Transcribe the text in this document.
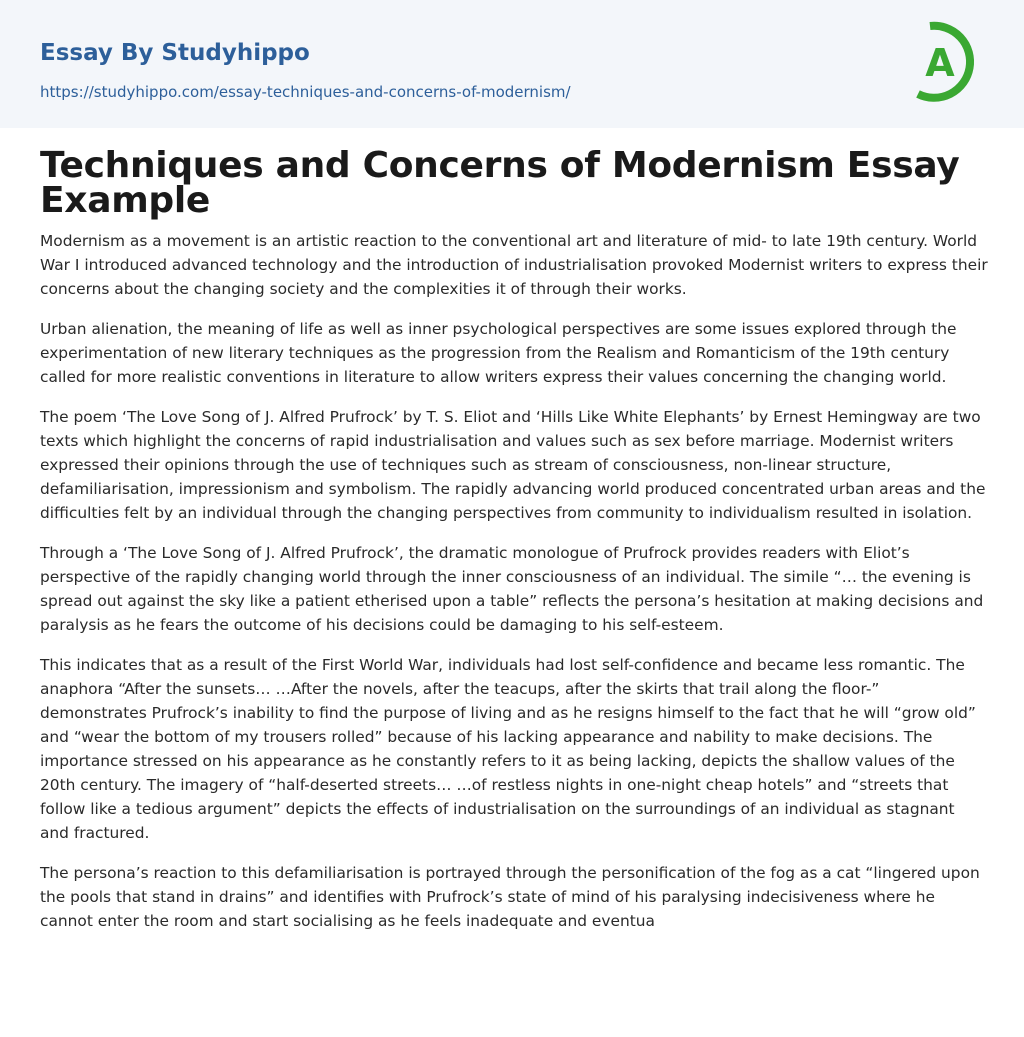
Essay By Studyhippo
https://studyhippo.com/essay-techniques-and-concerns-of-modernism/
A
Techniques and Concerns of Modernism Essay Example

Modernism as a movement is an artistic reaction to the conventional art and literature of mid- to late 19th century. World War I introduced advanced technology and the introduction of industrialisation provoked Modernist writers to express their concerns about the changing society and the complexities it of through their works.

Urban alienation, the meaning of life as well as inner psychological perspectives are some issues explored through the experimentation of new literary techniques as the progression from the Realism and Romanticism of the 19th century called for more realistic conventions in literature to allow writers express their values concerning the changing world.

The poem ‘The Love Song of J. Alfred Prufrock’ by T. S. Eliot and ‘Hills Like White Elephants’ by Ernest Hemingway are two texts which highlight the concerns of rapid industrialisation and values such as sex before marriage. Modernist writers expressed their opinions through the use of techniques such as stream of consciousness, non-linear structure, defamiliarisation, impressionism and symbolism. The rapidly advancing world produced concentrated urban areas and the difficulties felt by an individual through the changing perspectives from community to individualism resulted in isolation.

Through a ‘The Love Song of J. Alfred Prufrock’, the dramatic monologue of Prufrock provides readers with Eliot’s perspective of the rapidly changing world through the inner consciousness of an individual. The simile “… the evening is spread out against the sky like a patient etherised upon a table” reflects the persona’s hesitation at making decisions and paralysis as he fears the outcome of his decisions could be damaging to his self-esteem.

This indicates that as a result of the First World War, individuals had lost self-confidence and became less romantic. The anaphora “After the sunsets… …After the novels, after the teacups, after the skirts that trail along the floor-” demonstrates Prufrock’s inability to find the purpose of living and as he resigns himself to the fact that he will “grow old” and “wear the bottom of my trousers rolled” because of his lacking appearance and nability to make decisions. The importance stressed on his appearance as he constantly refers to it as being lacking, depicts the shallow values of the 20th century. The imagery of “half-deserted streets… …of restless nights in one-night cheap hotels” and “streets that follow like a tedious argument” depicts the effects of industrialisation on the surroundings of an individual as stagnant and fractured.

The persona’s reaction to this defamiliarisation is portrayed through the personification of the fog as a cat “lingered upon the pools that stand in drains” and identifies with Prufrock’s state of mind of his paralysing indecisiveness where he cannot enter the room and start socialising as he feels inadequate and eventua
